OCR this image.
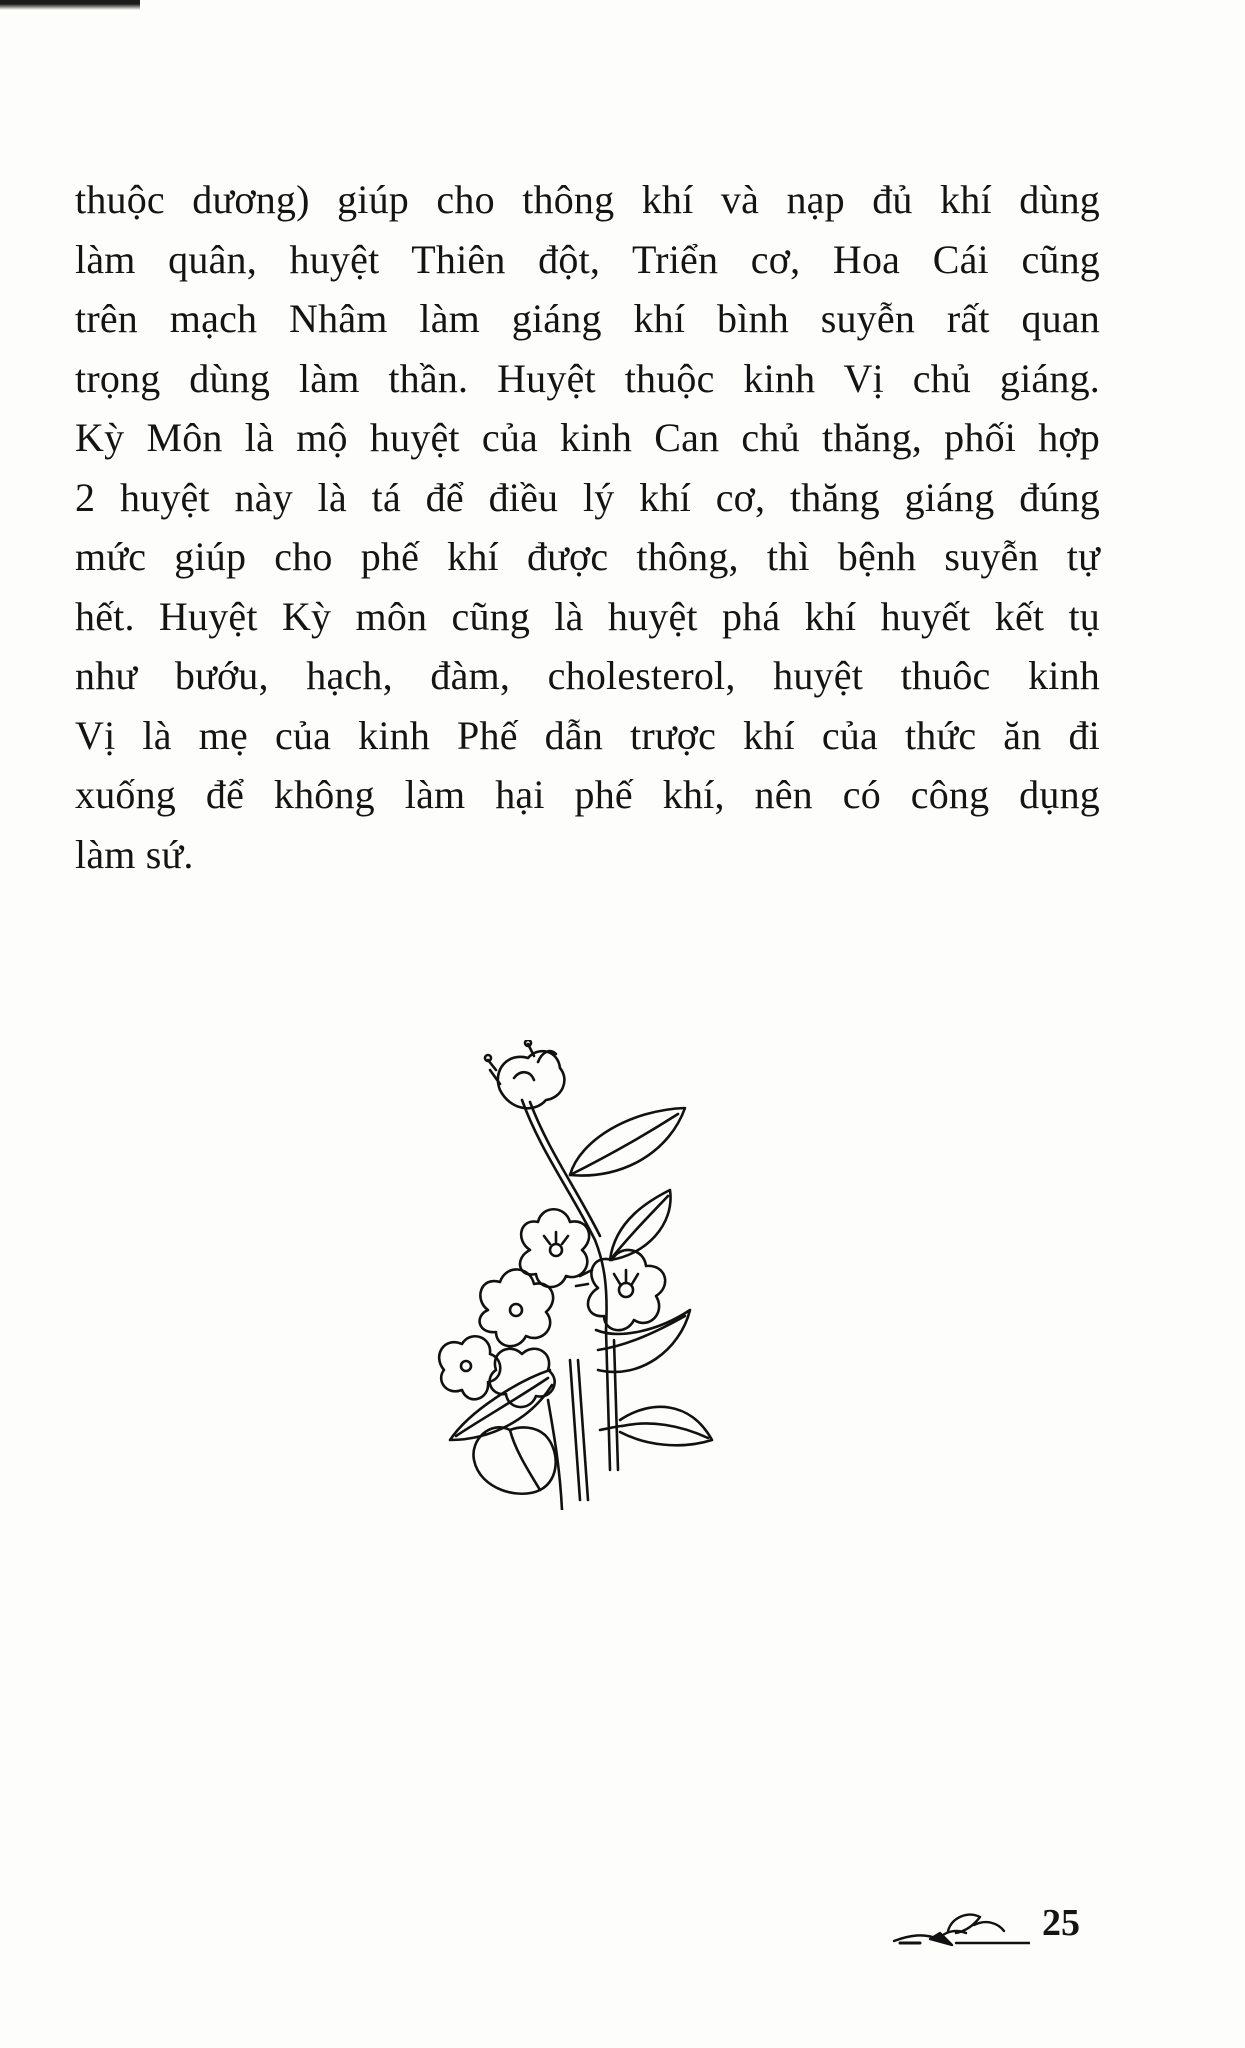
thuộc dương) giúp cho thông khí và nạp đủ khí dùng
làm quân, huyệt Thiên đột, Triển cơ, Hoa Cái cũng
trên mạch Nhâm làm giáng khí bình suyễn rất quan
trọng dùng làm thần. Huyệt thuộc kinh Vị chủ giáng.
Kỳ Môn là mộ huyệt của kinh Can chủ thăng, phối hợp
2 huyệt này là tá để điều lý khí cơ, thăng giáng đúng
mức giúp cho phế khí được thông, thì bệnh suyễn tự
hết. Huyệt Kỳ môn cũng là huyệt phá khí huyết kết tụ
như bướu, hạch, đàm, cholesterol, huyệt thuôc kinh
Vị là mẹ của kinh Phế dẫn trược khí của thức ăn đi
xuống để không làm hại phế khí, nên có công dụng
làm sứ.
25
